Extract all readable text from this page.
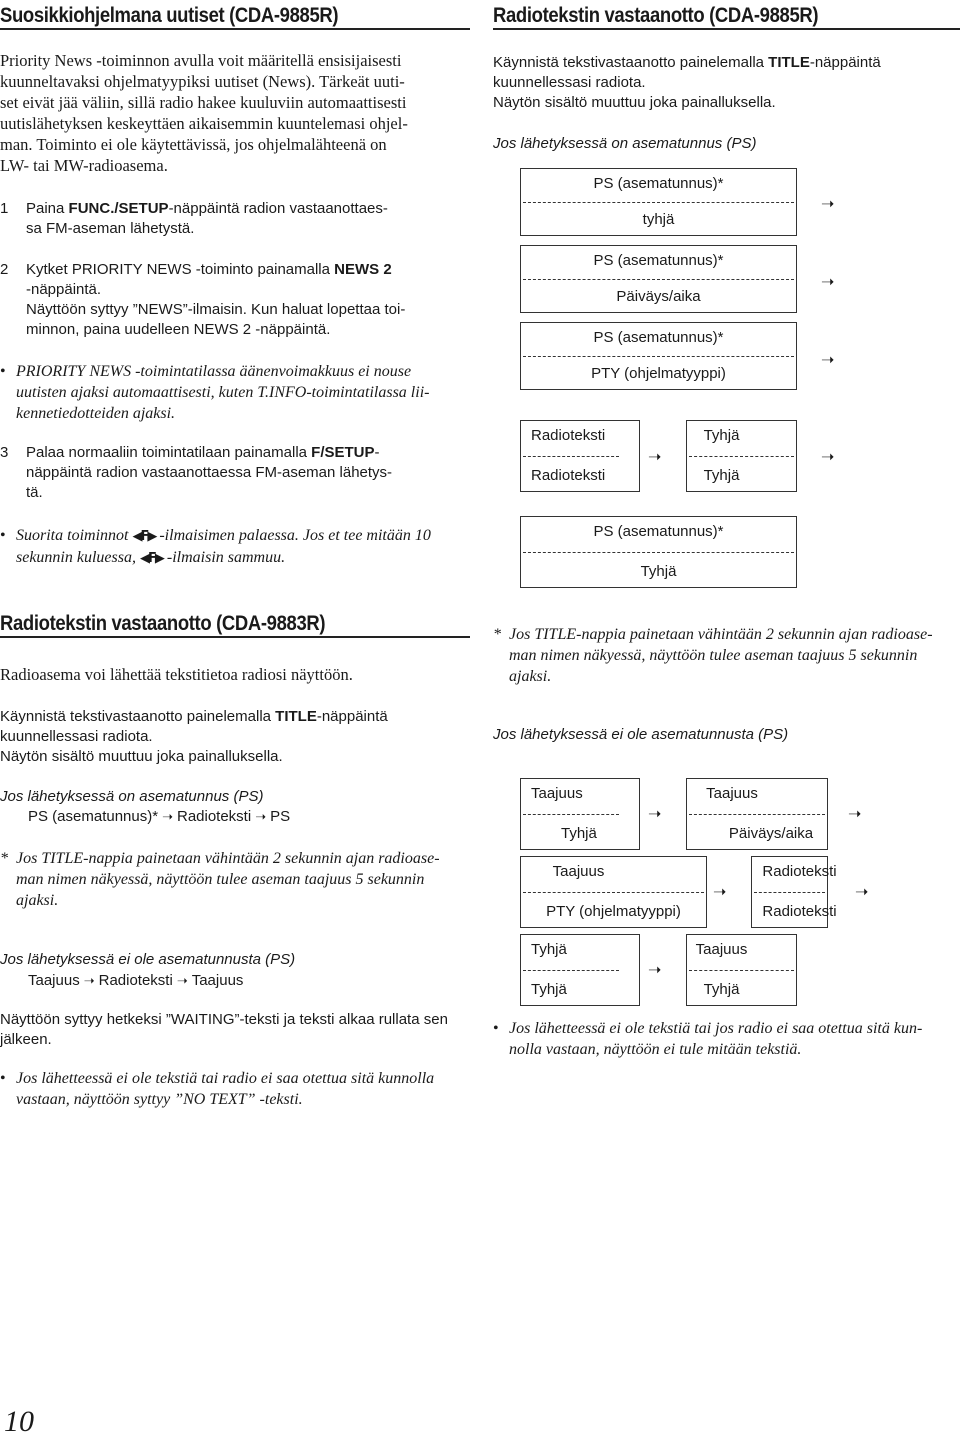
Suosikkiohjelmana uutiset (CDA-9885R)
Priority News -toiminnon avulla voit määritellä ensisijaisesti
kuunneltavaksi ohjelmatyypiksi uutiset (News). Tärkeät uuti-
set eivät jää väliin, sillä radio hakee kuuluviin automaattisesti
uutislähetyksen keskeyttäen aikaisemmin kuuntelemasi ohjel-
man. Toiminto ei ole käytettävissä, jos ohjelmalähteenä on
LW- tai MW-radioasema.
1 Paina FUNC./SETUP-näppäintä radion vastaanottaes-
sa FM-aseman lähetystä.
2 Kytket PRIORITY NEWS -toiminto painamalla NEWS 2
-näppäintä.
Näyttöön syttyy ”NEWS”-ilmaisin. Kun haluat lopettaa toi-
minnon, paina uudelleen NEWS 2 -näppäintä.
• PRIORITY NEWS -toimintatilassa äänenvoimakkuus ei nouse
uutisten ajaksi automaattisesti, kuten T.INFO-toimintatilassa lii-
kennetiedotteiden ajaksi.
3 Palaa normaaliin toimintatilaan painamalla F/SETUP-
näppäintä radion vastaanottaessa FM-aseman lähetys-
tä.
• Suorita toiminnot ◀F▶ -ilmaisimen palaessa. Jos et tee mitään 10
sekunnin kuluessa, ◀F▶ -ilmaisin sammuu.
Radiotekstin vastaanotto (CDA-9883R)
Radioasema voi lähettää tekstitietoa radiosi näyttöön.
Käynnistä tekstivastaanotto painelemalla TITLE-näppäintä
kuunnellessasi radiota.
Näytön sisältö muuttuu joka painalluksella.
Jos lähetyksessä on asematunnus (PS)
PS (asematunnus)* ➝ Radioteksti ➝ PS
* Jos TITLE-nappia painetaan vähintään 2 sekunnin ajan radioase-
man nimen näkyessä, näyttöön tulee aseman taajuus 5 sekunnin
ajaksi.
Jos lähetyksessä ei ole asematunnusta (PS)
Taajuus ➝ Radioteksti ➝ Taajuus
Näyttöön syttyy hetkeksi ”WAITING”-teksti ja teksti alkaa rullata sen
jälkeen.
• Jos lähetteessä ei ole tekstiä tai radio ei saa otettua sitä kunnolla
vastaan, näyttöön syttyy ”NO TEXT” -teksti.
Radiotekstin vastaanotto (CDA-9885R)
Käynnistä tekstivastaanotto painelemalla TITLE-näppäintä
kuunnellessasi radiota.
Näytön sisältö muuttuu joka painalluksella.
Jos lähetyksessä on asematunnus (PS)
PS (asematunnus)*
tyhjä
➝
PS (asematunnus)*
Päiväys/aika
➝
PS (asematunnus)*
PTY (ohjelmatyyppi)
➝
Radioteksti
Radioteksti
➝
Tyhjä
Tyhjä
➝
PS (asematunnus)*
Tyhjä
* Jos TITLE-nappia painetaan vähintään 2 sekunnin ajan radioase-
man nimen näkyessä, näyttöön tulee aseman taajuus 5 sekunnin
ajaksi.
Jos lähetyksessä ei ole asematunnusta (PS)
Taajuus
Tyhjä
➝
Taajuus
Päiväys/aika
➝
Taajuus
PTY (ohjelmatyyppi)
➝
Radioteksti
Radioteksti
➝
Tyhjä
Tyhjä
➝
Taajuus
Tyhjä
• Jos lähetteessä ei ole tekstiä tai jos radio ei saa otettua sitä kun-
nolla vastaan, näyttöön ei tule mitään tekstiä.
10
